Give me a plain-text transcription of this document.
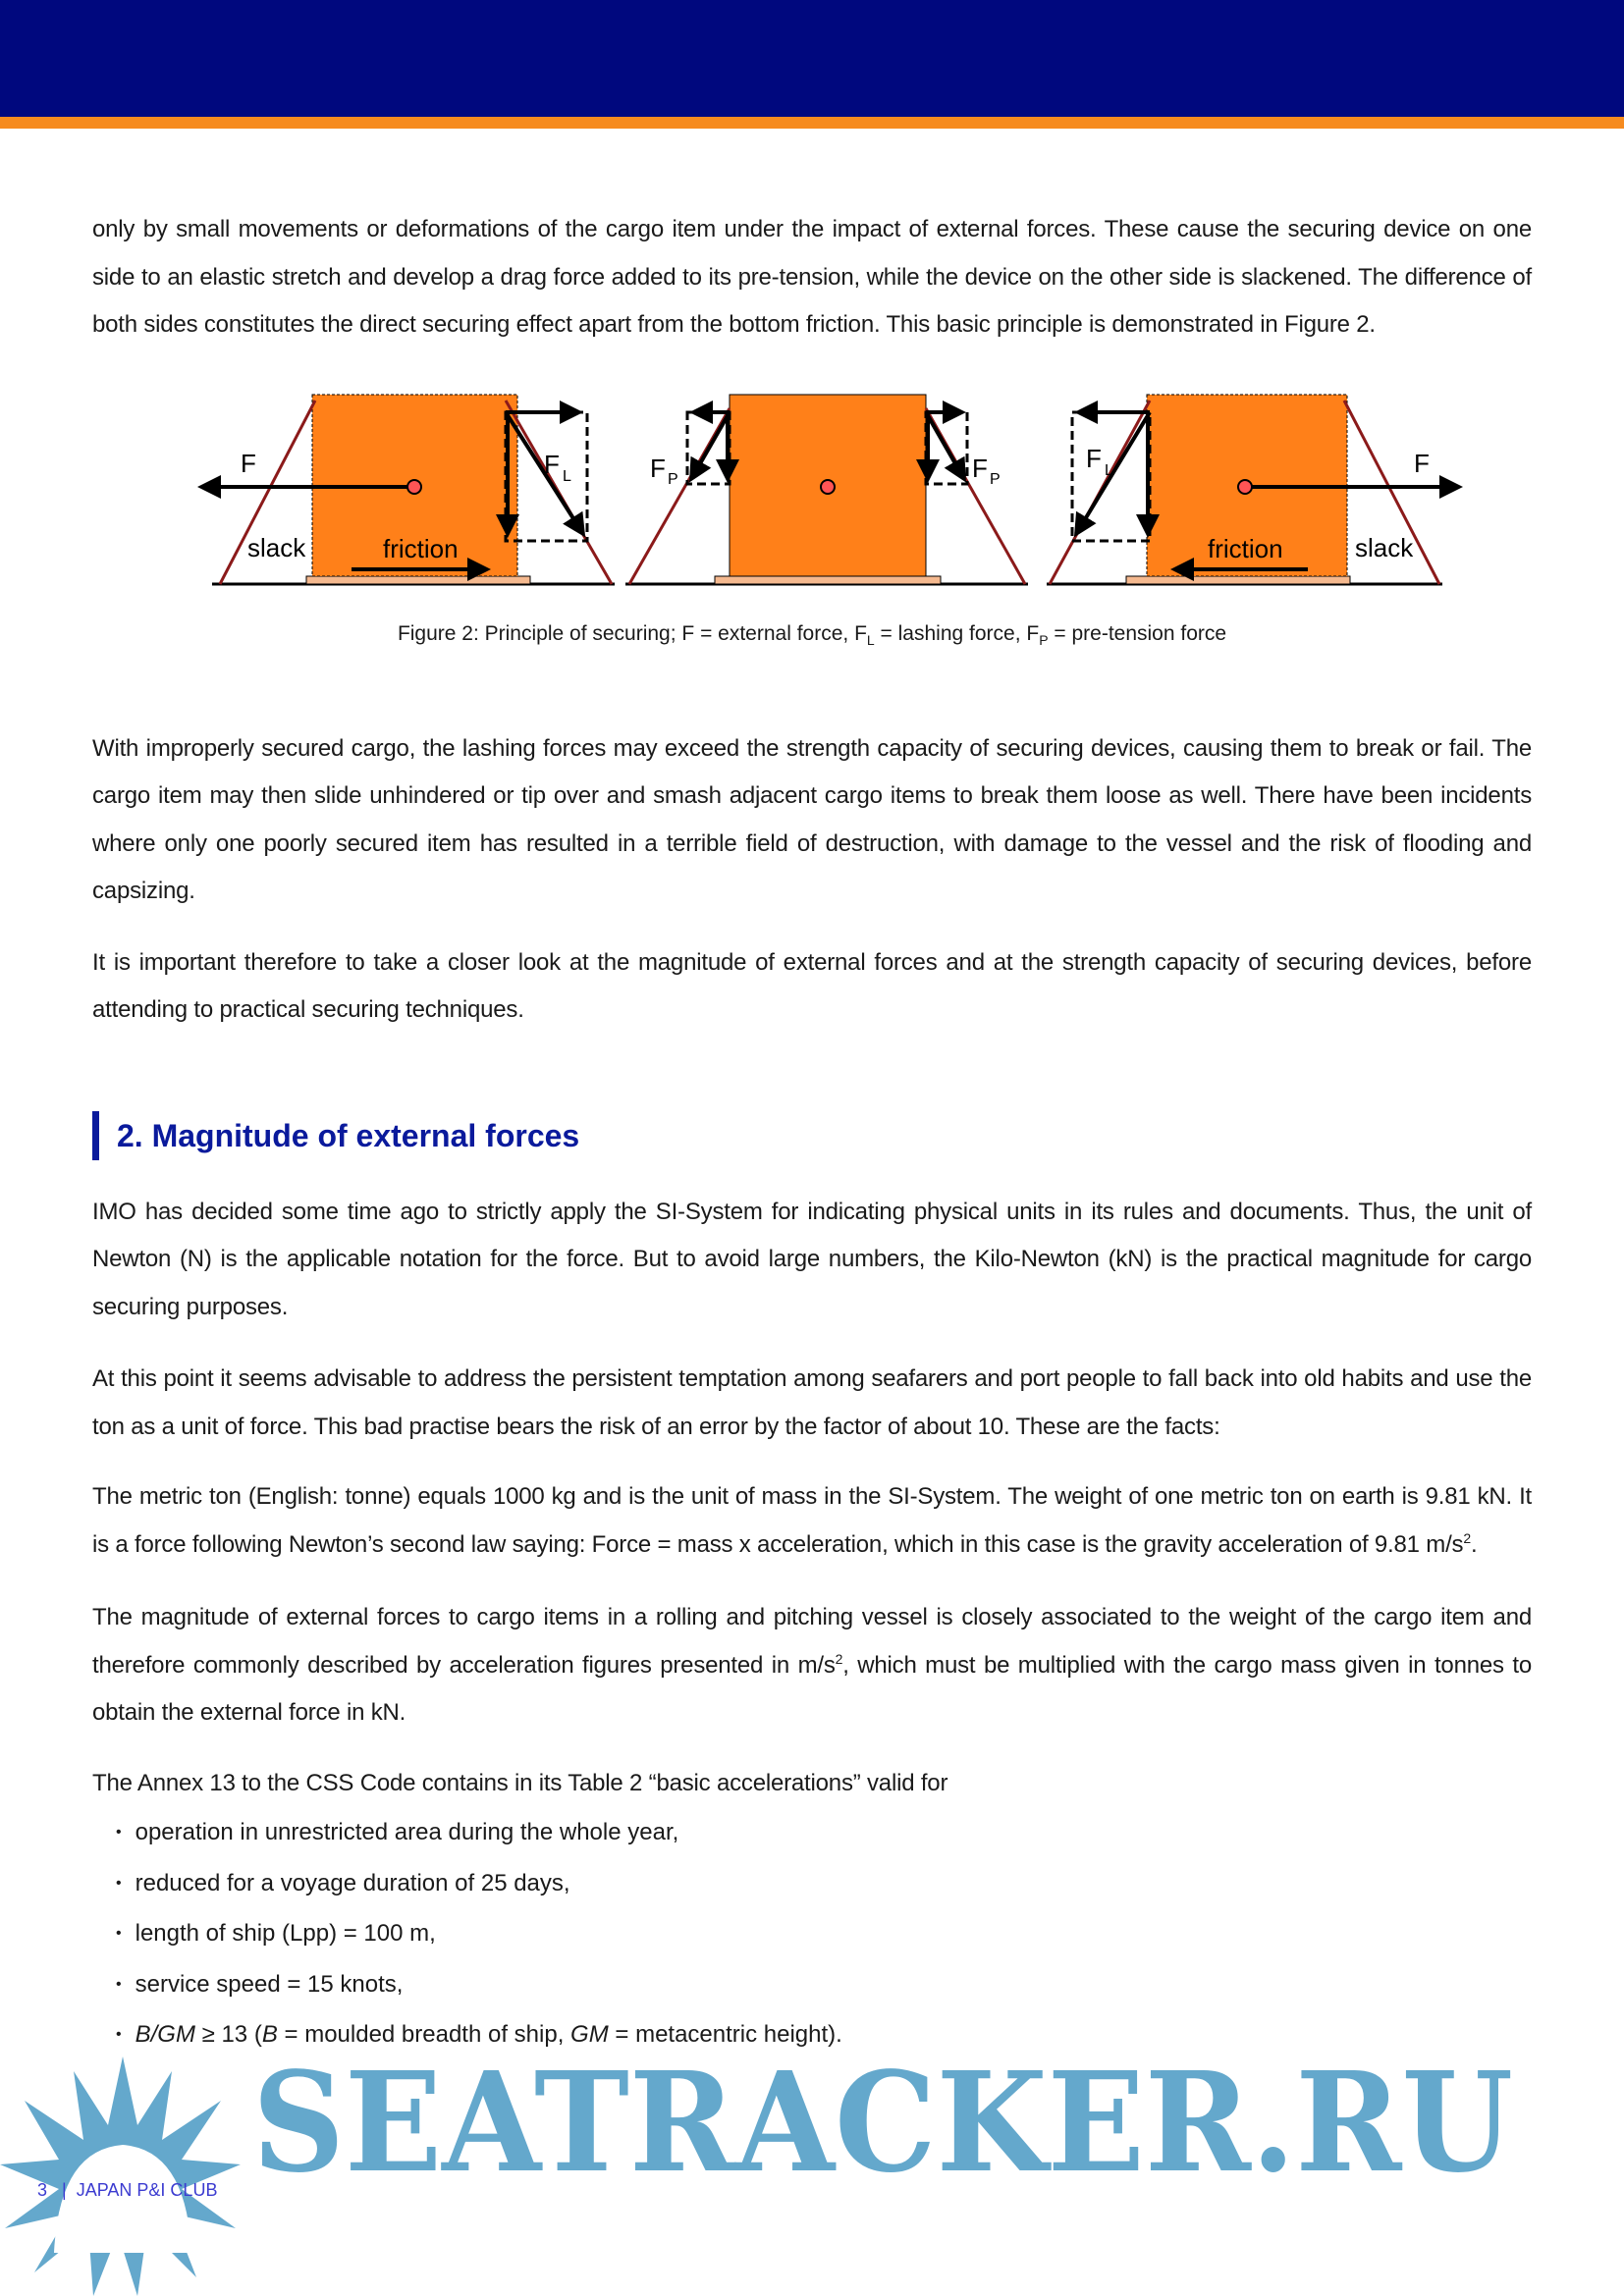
only by small movements or deformations of the cargo item under the impact of external forces. These cause the securing device on one side to an elastic stretch and develop a drag force added to its pre-tension, while the device on the other side is slackened. The difference of both sides constitutes the direct securing effect apart from the bottom friction. This basic principle is demonstrated in Figure 2.

F	F L
slack	friction
F P	F P
F L	F
friction	slack
Figure 2: Principle of securing; F = external force, $F_L$ = lashing force, $F_P$ = pre-tension force

With improperly secured cargo, the lashing forces may exceed the strength capacity of securing devices, causing them to break or fail. The cargo item may then slide unhindered or tip over and smash adjacent cargo items to break them loose as well. There have been incidents where only one poorly secured item has resulted in a terrible field of destruction, with damage to the vessel and the risk of flooding and capsizing.

It is important therefore to take a closer look at the magnitude of external forces and at the strength capacity of securing devices, before attending to practical securing techniques.

2. Magnitude of external forces

IMO has decided some time ago to strictly apply the SI-System for indicating physical units in its rules and documents. Thus, the unit of Newton (N) is the applicable notation for the force. But to avoid large numbers, the Kilo-Newton (kN) is the practical magnitude for cargo securing purposes.

At this point it seems advisable to address the persistent temptation among seafarers and port people to fall back into old habits and use the ton as a unit of force. This bad practise bears the risk of an error by the factor of about 10. These are the facts:

The metric ton (English: tonne) equals 1000 kg and is the unit of mass in the SI-System. The weight of one metric ton on earth is 9.81 kN. It is a force following Newton’s second law saying: Force = mass x acceleration, which in this case is the gravity acceleration of 9.81 $m/s^2$.

The magnitude of external forces to cargo items in a rolling and pitching vessel is closely associated to the weight of the cargo item and therefore commonly described by acceleration figures presented in $m/s^2$, which must be multiplied with the cargo mass given in tonnes to obtain the external force in kN.

The Annex 13 to the CSS Code contains in its Table 2 “basic accelerations” valid for

• operation in unrestricted area during the whole year,
• reduced for a voyage duration of 25 days,
• length of ship (Lpp) = 100 m,
• service speed = 15 knots,
• B/GM ≥ 13 (B = moulded breadth of ship, GM = metacentric height).
SEATRACKER.RU
3 | JAPAN P&I CLUB
